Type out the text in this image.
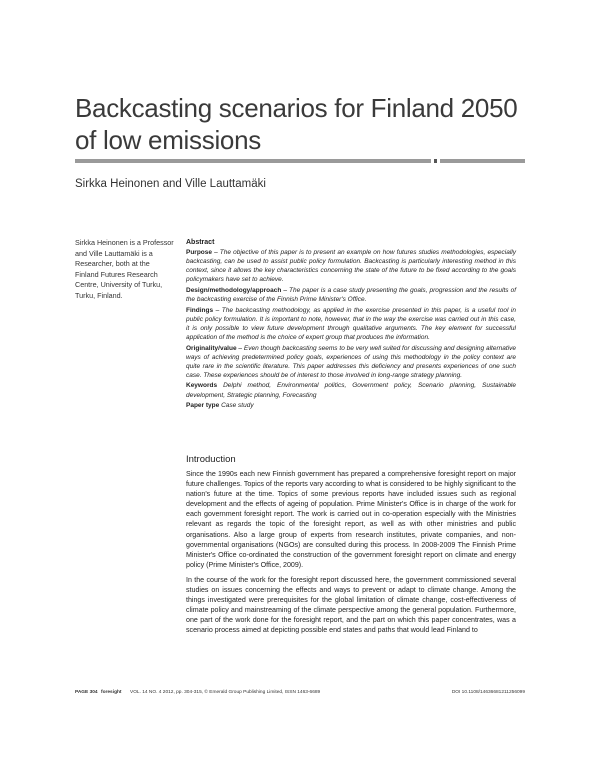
Backcasting scenarios for Finland 2050 of low emissions

Sirkka Heinonen and Ville Lauttamäki

Sirkka Heinonen is a Professor and Ville Lauttamäki is a Researcher, both at the Finland Futures Research Centre, University of Turku, Turku, Finland.

Abstract

Purpose – The objective of this paper is to present an example on how futures studies methodologies, especially backcasting, can be used to assist public policy formulation. Backcasting is particularly interesting method in this context, since it allows the key characteristics concerning the state of the future to be fixed according to the goals policymakers have set to achieve.

Design/methodology/approach – The paper is a case study presenting the goals, progression and the results of the backcasting exercise of the Finnish Prime Minister's Office.

Findings – The backcasting methodology, as applied in the exercise presented in this paper, is a useful tool in public policy formulation. It is important to note, however, that in the way the exercise was carried out in this case, it is only possible to view future development through qualitative arguments. The key element for successful application of the method is the choice of expert group that produces the information.

Originality/value – Even though backcasting seems to be very well suited for discussing and designing alternative ways of achieving predetermined policy goals, experiences of using this methodology in the policy context are quite rare in the scientific literature. This paper addresses this deficiency and presents experiences of one such case. These experiences should be of interest to those involved in long-range strategy planning.

Keywords Delphi method, Environmental politics, Government policy, Scenario planning, Sustainable development, Strategic planning, Forecasting

Paper type Case study

Introduction

Since the 1990s each new Finnish government has prepared a comprehensive foresight report on major future challenges. Topics of the reports vary according to what is considered to be highly significant to the nation's future at the time. Topics of some previous reports have included issues such as regional development and the effects of ageing of population. Prime Minister's Office is in charge of the work for each government foresight report. The work is carried out in co-operation especially with the Ministries relevant as regards the topic of the foresight report, as well as with other ministries and public organisations. Also a large group of experts from research institutes, private companies, and non-governmental organisations (NGOs) are consulted during this process. In 2008-2009 The Finnish Prime Minister's Office co-ordinated the construction of the government foresight report on climate and energy policy (Prime Minister's Office, 2009).

In the course of the work for the foresight report discussed here, the government commissioned several studies on issues concerning the effects and ways to prevent or adapt to climate change. Among the things investigated were prerequisites for the global limitation of climate change, cost-effectiveness of climate policy and mainstreaming of the climate perspective among the general population. Furthermore, one part of the work done for the foresight report, and the part on which this paper concentrates, was a scenario process aimed at depicting possible end states and paths that would lead Finland to

PAGE 304 foresight VOL. 14 NO. 4 2012, pp. 304-315, © Emerald Group Publishing Limited, ISSN 1463-6689	DOI 10.1108/14636681211256099
